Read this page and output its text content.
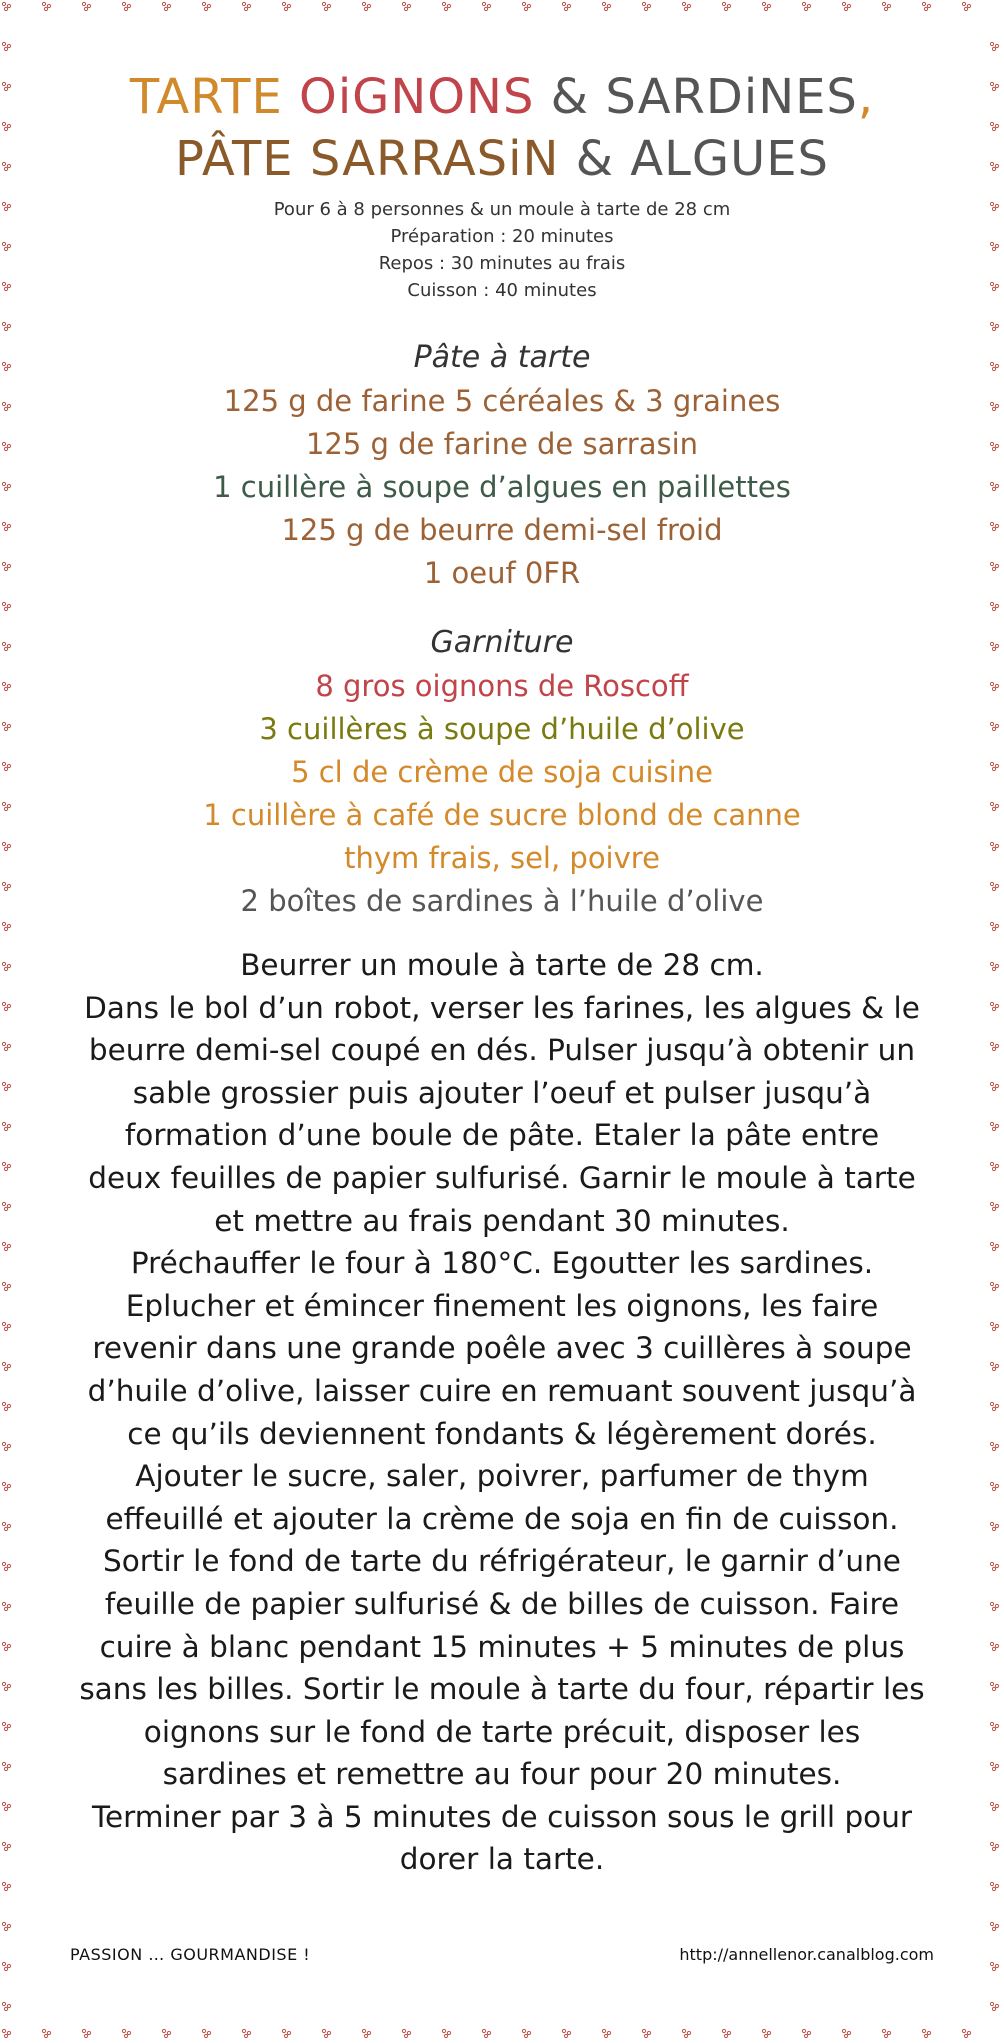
TARTE OiGNONS & SARDiNES,
PÂTE SARRASiN & ALGUES
Pour 6 à 8 personnes & un moule à tarte de 28 cm
Préparation : 20 minutes
Repos : 30 minutes au frais
Cuisson : 40 minutes
Pâte à tarte
125 g de farine 5 céréales & 3 graines
125 g de farine de sarrasin
1 cuillère à soupe d’algues en paillettes
125 g de beurre demi-sel froid
1 oeuf 0FR
Garniture
8 gros oignons de Roscoff
3 cuillères à soupe d’huile d’olive
5 cl de crème de soja cuisine
1 cuillère à café de sucre blond de canne
thym frais, sel, poivre
2 boîtes de sardines à l’huile d’olive
Beurrer un moule à tarte de 28 cm.
Dans le bol d’un robot, verser les farines, les algues & le
beurre demi-sel coupé en dés. Pulser jusqu’à obtenir un
sable grossier puis ajouter l’oeuf et pulser jusqu’à
formation d’une boule de pâte. Etaler la pâte entre
deux feuilles de papier sulfurisé. Garnir le moule à tarte
et mettre au frais pendant 30 minutes.
Préchauffer le four à 180°C. Egoutter les sardines.
Eplucher et émincer finement les oignons, les faire
revenir dans une grande poêle avec 3 cuillères à soupe
d’huile d’olive, laisser cuire en remuant souvent jusqu’à
ce qu’ils deviennent fondants & légèrement dorés.
Ajouter le sucre, saler, poivrer, parfumer de thym
effeuillé et ajouter la crème de soja en fin de cuisson.
Sortir le fond de tarte du réfrigérateur, le garnir d’une
feuille de papier sulfurisé & de billes de cuisson. Faire
cuire à blanc pendant 15 minutes + 5 minutes de plus
sans les billes. Sortir le moule à tarte du four, répartir les
oignons sur le fond de tarte précuit, disposer les
sardines et remettre au four pour 20 minutes.
Terminer par 3 à 5 minutes de cuisson sous le grill pour
dorer la tarte.
PASSION … GOURMANDISE !	http://annellenor.canalblog.com
